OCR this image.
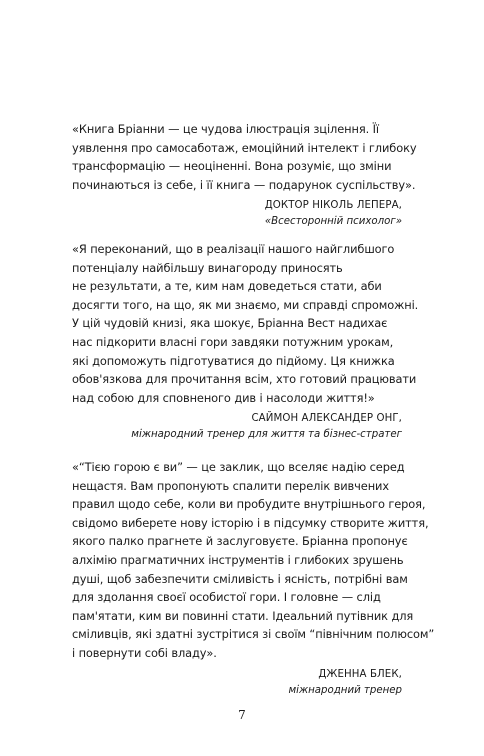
«Книга Бріанни — це чудова ілюстрація зцілення. Її
уявлення про самосаботаж, емоційний інтелект і глибоку
трансформацію — неоціненні. Вона розуміє, що зміни
починаються із себе, і її книга — подарунок суспільству».

ДОКТОР НІКОЛЬ ЛЕПЕРА,
«Всесторонній психолог»

«Я переконаний, що в реалізації нашого найглибшого
потенціалу найбільшу винагороду приносять
не результати, а те, ким нам доведеться стати, аби
досягти того, на що, як ми знаємо, ми справді спроможні.
У цій чудовій книзі, яка шокує, Бріанна Вест надихає
нас підкорити власні гори завдяки потужним урокам,
які допоможуть підготуватися до підйому. Ця книжка
обов'язкова для прочитання всім, хто готовий працювати
над собою для сповненого див і насолоди життя!»

САЙМОН АЛЕКСАНДЕР ОНГ,
міжнародний тренер для життя та бізнес-стратег

«“Тією горою є ви” — це заклик, що вселяє надію серед
нещастя. Вам пропонують спалити перелік вивчених
правил щодо себе, коли ви пробудите внутрішнього героя,
свідомо виберете нову історію і в підсумку створите життя,
якого палко прагнете й заслуговуєте. Бріанна пропонує
алхімію прагматичних інструментів і глибоких зрушень
душі, щоб забезпечити сміливість і ясність, потрібні вам
для здолання своєї особистої гори. І головне — слід
пам'ятати, ким ви повинні стати. Ідеальний путівник для
сміливців, які здатні зустрітися зі своїм “північним полюсом”
і повернути собі владу».

ДЖЕННА БЛЕК,
міжнародний тренер
7
